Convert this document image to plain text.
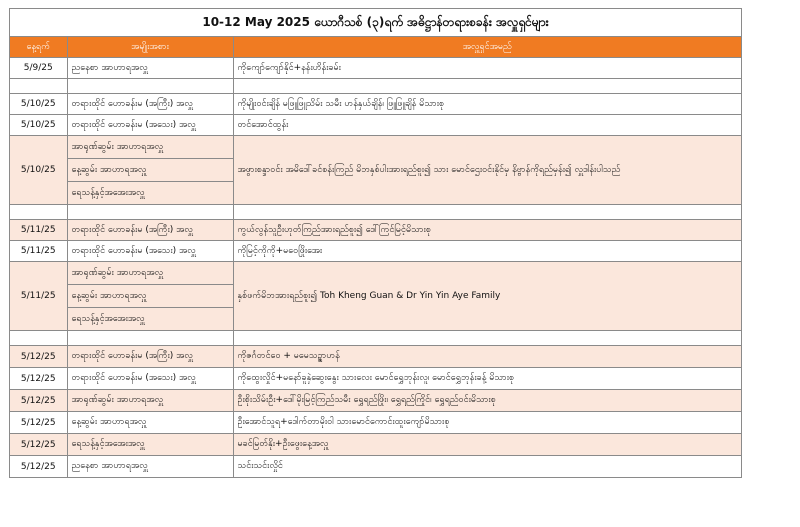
10-12 May 2025 ယောဂီသစ် (၃)ရက် အဓိဋ္ဌာန်တရားစခန်း အလှူရှင်များ
နေ့ရက်	အမျိုးအစား	အလှူရှင်အမည်
5/9/25	ညနေစာ အာဟာရအလှူ	ကိုကျော်ကျော်နိုင်+နန်းဟိန်းခမ်း

5/10/25	တရားထိုင် ဟောခန်းမ (အကြီး) အလှူ	ကိုမျိုးဝင်းချိန် မဖြူဖြူသိမ်း သမီး ဟန်နှယ်ချိန်၊ ဖြူဖြူချိန် မိသားစု
5/10/25	တရားထိုင် ဟောခန်းမ (အသေး) အလှူ	တင်အောင်ထွန်း
5/10/25	အာရုဏ်ဆွမ်း အာဟာရအလှူ	အဖွားစန္ဒာဝင်း အမိဒေါ်ခင်စန်းကြည် မိဘနှစ်ပါးအားရည်စူး၍ သား မောင်ဌေးဝင်းနိုင်မှ နိဗ္ဗာန်ကိုရည်မှန်း၍ လှူဒါန်းပါသည်
	နေ့ဆွမ်း အာဟာရအလှူ	
	ရေသန့်နှင့်အအေးအလှူ	

5/11/25	တရားထိုင် ဟောခန်းမ (အကြီး) အလှူ	ကွယ်လွန်သူဦးဟုတ်ကြည်အားရည်စူး၍ ဒေါ်ကြင်မြင့်မိသားစု
5/11/25	တရားထိုင် ဟောခန်းမ (အသေး) အလှူ	ကိုမြင့်ကိုကို+မဝေဖြိုးအေး
5/11/25	အာရုဏ်ဆွမ်း အာဟာရအလှူ	နှစ်ဖက်မိဘအားရည်စူး၍ Toh Kheng Guan & Dr Yin Yin Aye Family
	နေ့ဆွမ်း အာဟာရအလှူ	
	ရေသန့်နှင့်အအေးအလှူ	

5/12/25	တရားထိုင် ဟောခန်းမ (အကြီး) အလှူ	ကိုဇင်္ဂတင်ဝေ + မမေသဉ္ဇာဟန်
5/12/25	တရားထိုင် ဟောခန်းမ (အသေး) အလှူ	ကိုထွေးလှိုင်+မနော်ခူနှဲဆွေးနွေး သားလေး မောင်ရွှေဘုန်းလူ၊ မောင်ရွှေဘုန်းခန့် မိသားစု
5/12/25	အာရုဏ်ဆွမ်း အာဟာရအလှူ	ဦးစိုးသိမ်းဦး+ဒေါ်မိုးမြင့်ကြည်သမီး ရွှေရည်ဖြိုး၊ ရွှေရည်ကြိုင်၊ ရွှေရည်ဝင်းမိသားစု
5/12/25	နေ့ဆွမ်း အာဟာရအလှူ	ဦးအောင်သူရ+ဒေါက်တာမိုးဝါ သားမောင်ကောင်းထူးကျော်မိသားစု
5/12/25	ရေသန့်နှင့်အအေးအလှူ	မခင်မြတ်နိုး+ဦးဖွေးနေ့အလှူ
5/12/25	ညနေစာ အာဟာရအလှူ	သင်းသင်းလှိုင်
